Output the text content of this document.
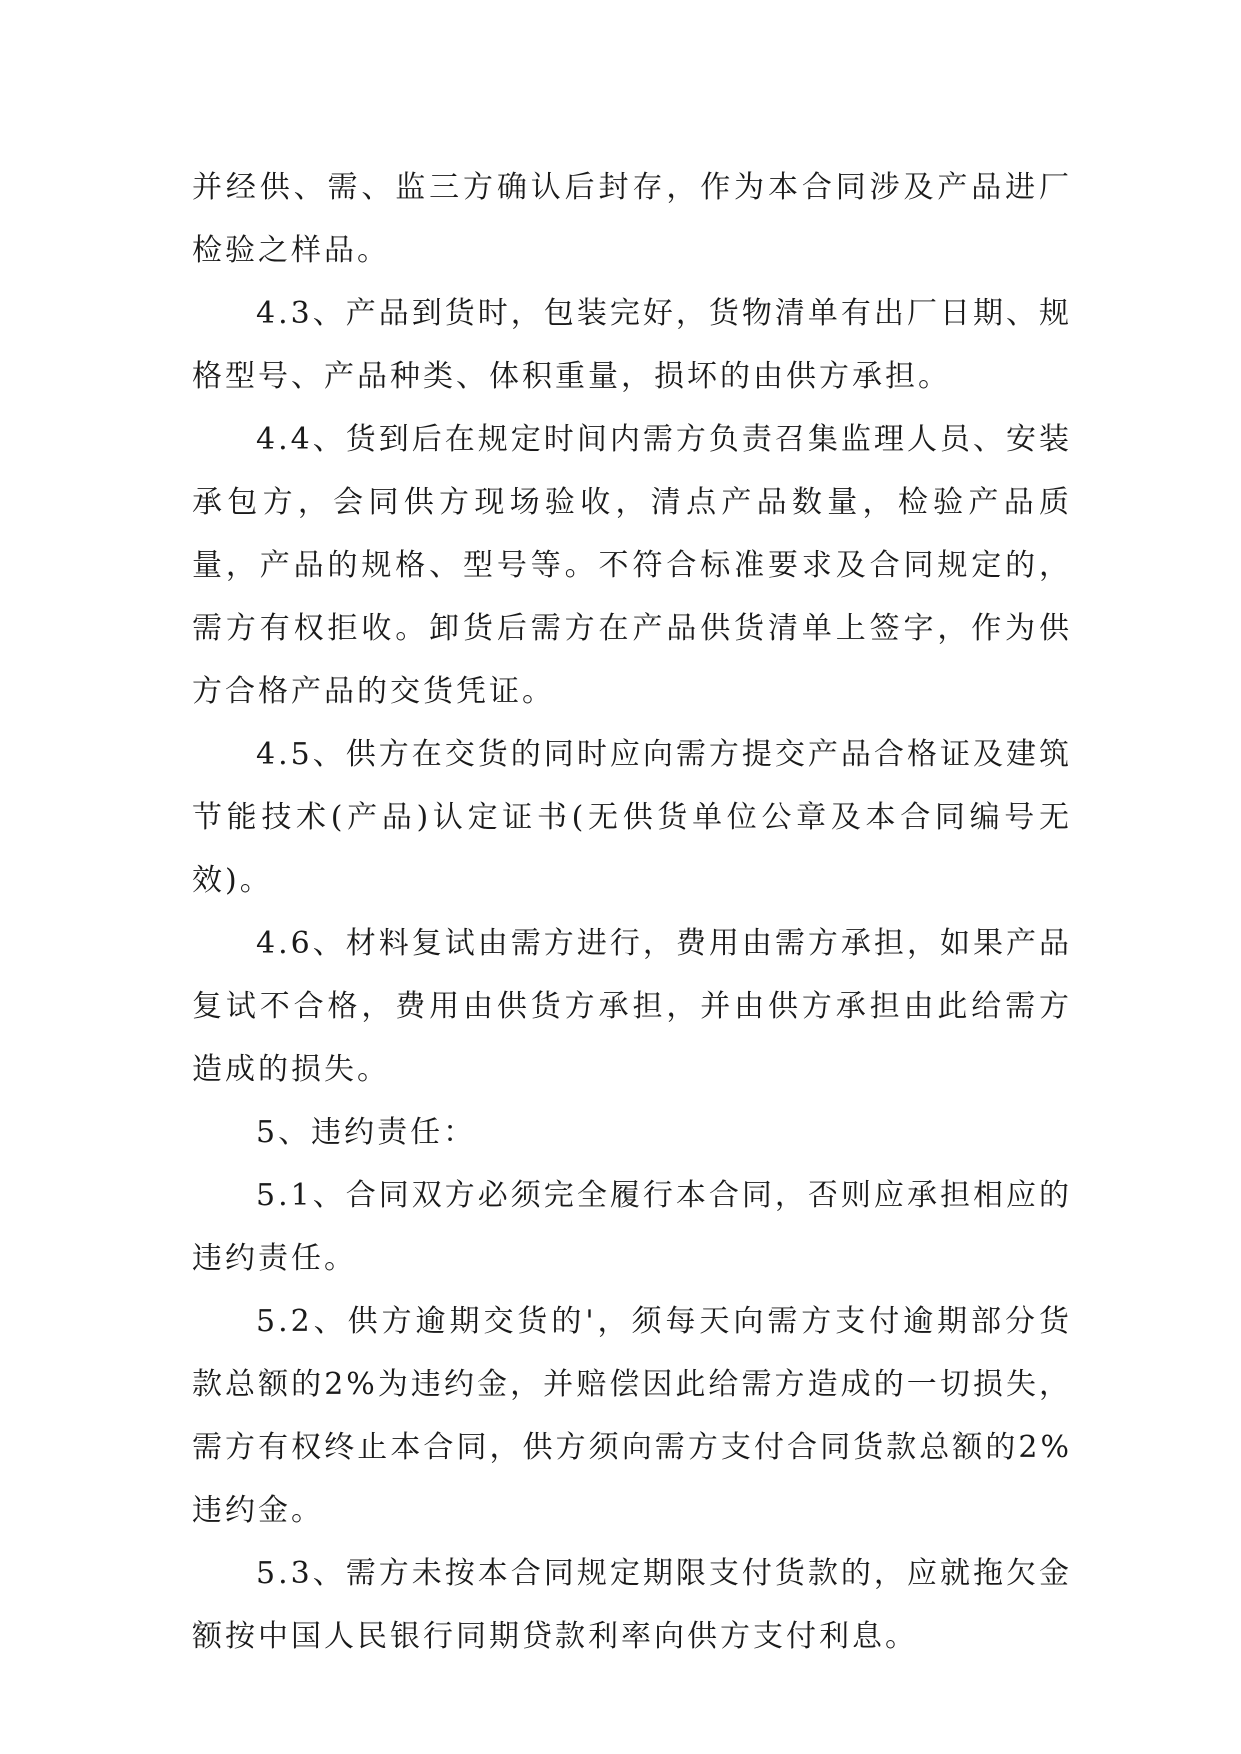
并经供、需、监三方确认后封存，作为本合同涉及产品进厂检验之样品。

4.3、产品到货时，包装完好，货物清单有出厂日期、规格型号、产品种类、体积重量，损坏的由供方承担。

4.4、货到后在规定时间内需方负责召集监理人员、安装承包方，会同供方现场验收，清点产品数量，检验产品质量，产品的规格、型号等。不符合标准要求及合同规定的，需方有权拒收。卸货后需方在产品供货清单上签字，作为供方合格产品的交货凭证。

4.5、供方在交货的同时应向需方提交产品合格证及建筑节能技术(产品)认定证书(无供货单位公章及本合同编号无效)。

4.6、材料复试由需方进行，费用由需方承担，如果产品复试不合格，费用由供货方承担，并由供方承担由此给需方造成的损失。

5、违约责任：

5.1、合同双方必须完全履行本合同，否则应承担相应的违约责任。

5.2、供方逾期交货的'，须每天向需方支付逾期部分货款总额的2%为违约金，并赔偿因此给需方造成的一切损失，需方有权终止本合同，供方须向需方支付合同货款总额的2%违约金。

5.3、需方未按本合同规定期限支付货款的，应就拖欠金额按中国人民银行同期贷款利率向供方支付利息。
